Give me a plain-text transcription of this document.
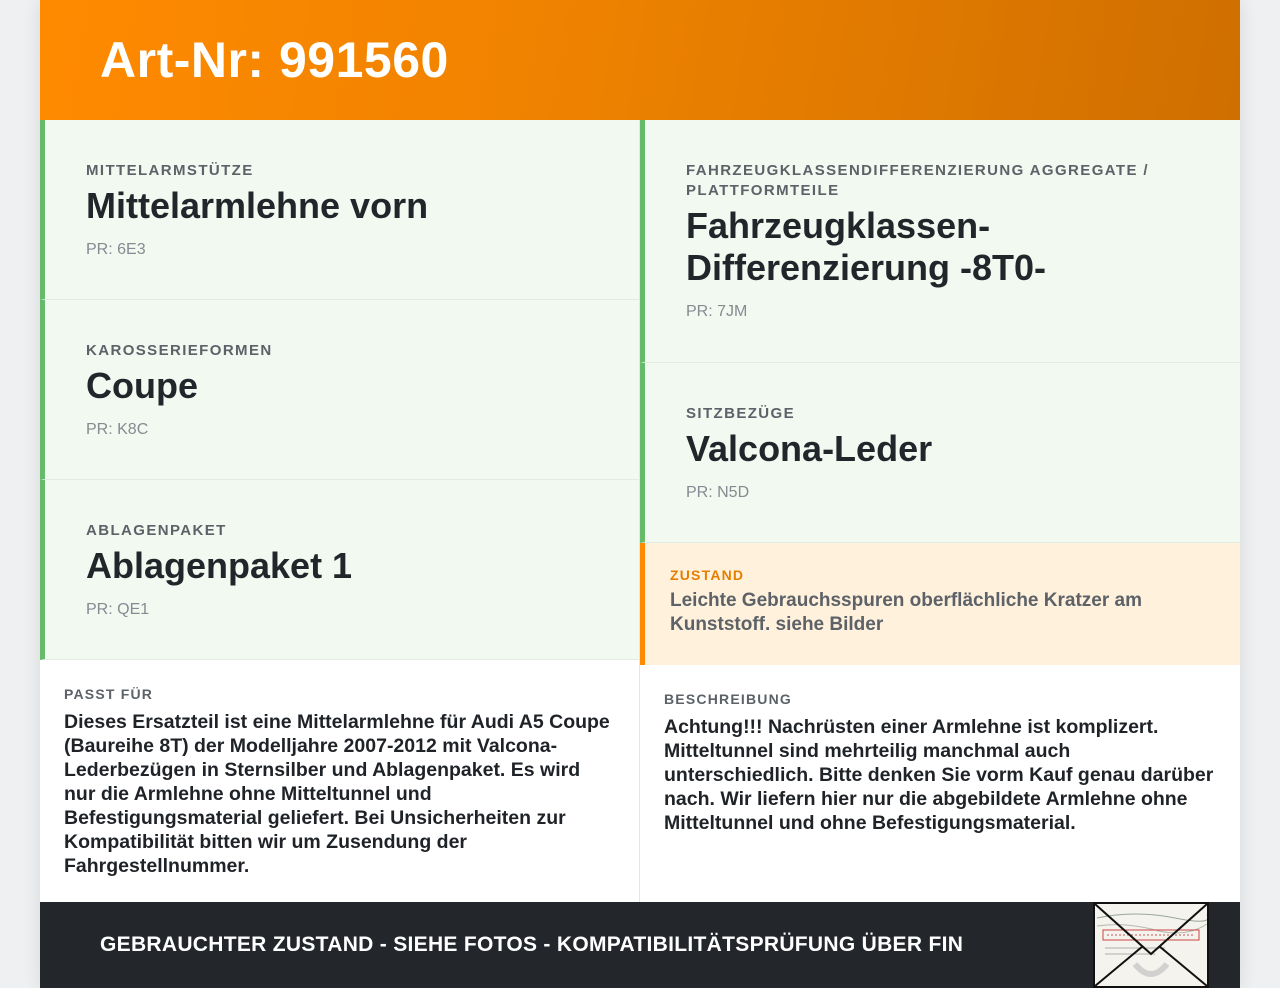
Art-Nr: 991560
MITTELARMSTÜTZE
Mittelarmlehne vorn
PR: 6E3
KAROSSERIEFORMEN
Coupe
PR: K8C
ABLAGENPAKET
Ablagenpaket 1
PR: QE1
PASST FÜR
Dieses Ersatzteil ist eine Mittelarmlehne für Audi A5 Coupe (Baureihe 8T) der Modelljahre 2007-2012 mit Valcona-Lederbezügen in Sternsilber und Ablagenpaket. Es wird nur die Armlehne ohne Mitteltunnel und Befestigungsmaterial geliefert. Bei Unsicherheiten zur Kompatibilität bitten wir um Zusendung der Fahrgestellnummer.
FAHRZEUGKLASSENDIFFERENZIERUNG AGGREGATE / PLATTFORMTEILE
Fahrzeugklassen-Differenzierung -8T0-
PR: 7JM
SITZBEZÜGE
Valcona-Leder
PR: N5D
ZUSTAND
Leichte Gebrauchsspuren oberflächliche Kratzer am Kunststoff. siehe Bilder
BESCHREIBUNG
Achtung!!! Nachrüsten einer Armlehne ist komplizert. Mitteltunnel sind mehrteilig manchmal auch unterschiedlich. Bitte denken Sie vorm Kauf genau darüber nach. Wir liefern hier nur die abgebildete Armlehne ohne Mitteltunnel und ohne Befestigungsmaterial.
GEBRAUCHTER ZUSTAND - SIEHE FOTOS - KOMPATIBILITÄTSPRÜFUNG ÜBER FIN
